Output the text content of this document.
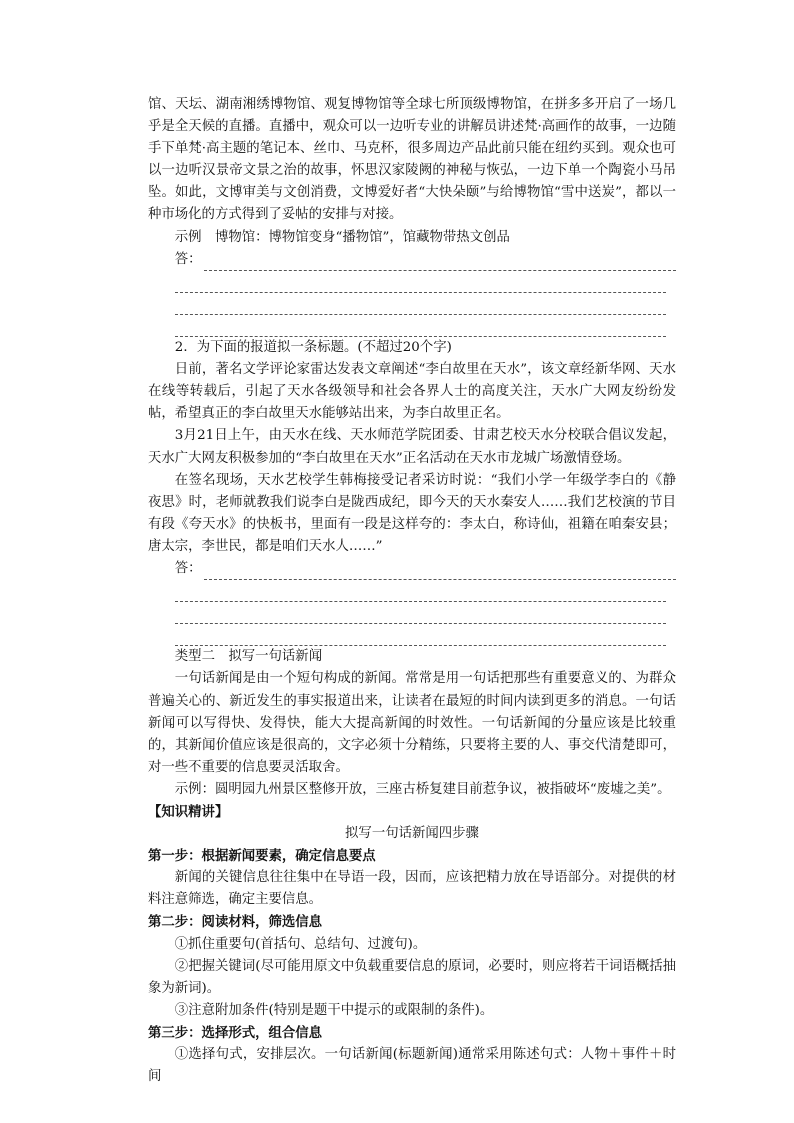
馆、天坛、湖南湘绣博物馆、观复博物馆等全球七所顶级博物馆，在拼多多开启了一场几乎是全天候的直播。直播中，观众可以一边听专业的讲解员讲述梵·高画作的故事，一边随手下单梵·高主题的笔记本、丝巾、马克杯，很多周边产品此前只能在纽约买到。观众也可以一边听汉景帝文景之治的故事，怀思汉家陵阙的神秘与恢弘，一边下单一个陶瓷小马吊坠。如此，文博审美与文创消费，文博爱好者“大快朵颐”与给博物馆“雪中送炭”，都以一种市场化的方式得到了妥帖的安排与对接。

示例　博物馆：博物馆变身“播物馆”，馆藏物带热文创品

答：

2．为下面的报道拟一条标题。(不超过20个字)

日前，著名文学评论家雷达发表文章阐述“李白故里在天水”，该文章经新华网、天水在线等转载后，引起了天水各级领导和社会各界人士的高度关注，天水广大网友纷纷发帖，希望真正的李白故里天水能够站出来，为李白故里正名。

3月21日上午，由天水在线、天水师范学院团委、甘肃艺校天水分校联合倡议发起，天水广大网友积极参加的“李白故里在天水”正名活动在天水市龙城广场激情登场。

在签名现场，天水艺校学生韩梅接受记者采访时说：“我们小学一年级学李白的《静夜思》时，老师就教我们说李白是陇西成纪，即今天的天水秦安人……我们艺校演的节目有段《夸天水》的快板书，里面有一段是这样夸的：李太白，称诗仙，祖籍在咱秦安县；唐太宗，李世民，都是咱们天水人……”

答：

类型二　拟写一句话新闻

一句话新闻是由一个短句构成的新闻。常常是用一句话把那些有重要意义的、为群众普遍关心的、新近发生的事实报道出来，让读者在最短的时间内读到更多的消息。一句话新闻可以写得快、发得快，能大大提高新闻的时效性。一句话新闻的分量应该是比较重的，其新闻价值应该是很高的，文字必须十分精练，只要将主要的人、事交代清楚即可，对一些不重要的信息要灵活取舍。

示例：圆明园九州景区整修开放，三座古桥复建目前惹争议，被指破坏“废墟之美”。

【知识精讲】

拟写一句话新闻四步骤

第一步：根据新闻要素，确定信息要点

新闻的关键信息往往集中在导语一段，因而，应该把精力放在导语部分。对提供的材料注意筛选，确定主要信息。

第二步：阅读材料，筛选信息

①抓住重要句(首括句、总结句、过渡句)。

②把握关键词(尽可能用原文中负载重要信息的原词，必要时，则应将若干词语概括抽象为新词)。

③注意附加条件(特别是题干中提示的或限制的条件)。

第三步：选择形式，组合信息

①选择句式，安排层次。一句话新闻(标题新闻)通常采用陈述句式：人物＋事件＋时间
